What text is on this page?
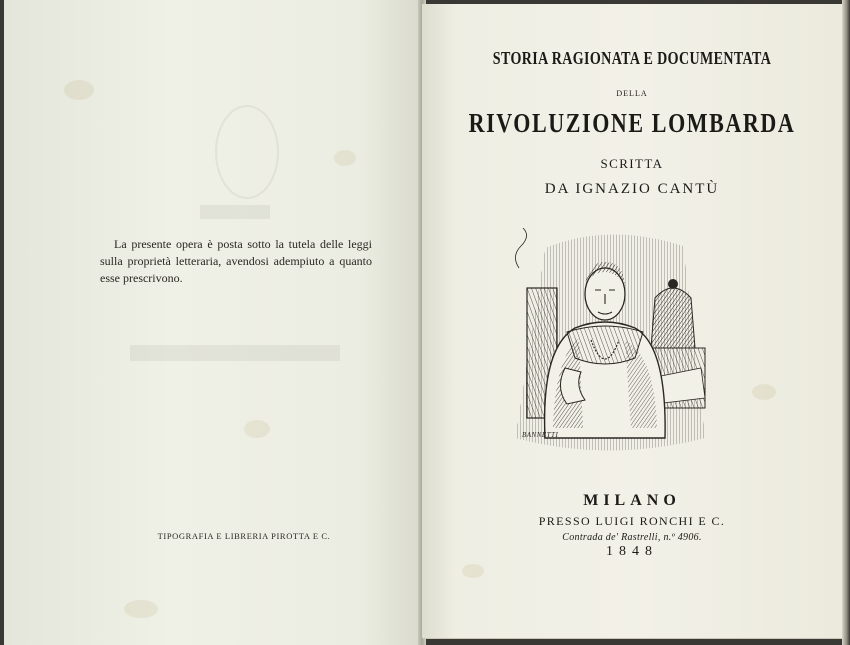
La presente opera è posta sotto la tutela delle leggi sulla proprietà letteraria, avendosi adempiuto a quanto esse prescrivono.

TIPOGRAFIA E LIBRERIA PIROTTA E C.
STORIA RAGIONATA E DOCUMENTATA
DELLA
RIVOLUZIONE LOMBARDA
SCRITTA
DA IGNAZIO CANTÙ
BANNETTI
MILANO
PRESSO LUIGI RONCHI E C.
Contrada de' Rastrelli, n.º 4906.
1848
